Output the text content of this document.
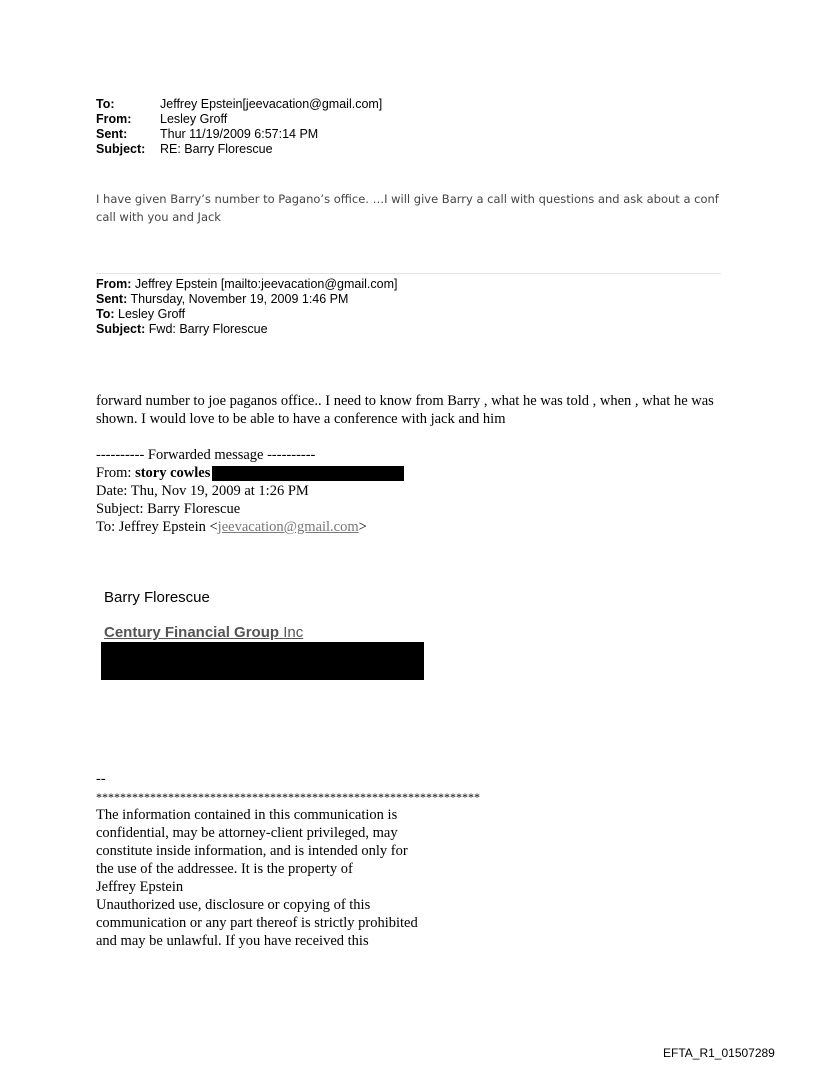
To:	Jeffrey Epstein[jeevacation@gmail.com]
From:	Lesley Groff
Sent:	Thur 11/19/2009 6:57:14 PM
Subject:	RE: Barry Florescue
I have given Barry’s number to Pagano’s office. …I will give Barry a call with questions and ask about a conf call with you and Jack
From: Jeffrey Epstein [mailto:jeevacation@gmail.com]
Sent: Thursday, November 19, 2009 1:46 PM
To: Lesley Groff
Subject: Fwd: Barry Florescue
forward number to joe paganos office.. I need to know from Barry , what he was told , when , what he was shown. I would love to be able to have a conference with jack and him
---------- Forwarded message ----------
From: story cowles
Date: Thu, Nov 19, 2009 at 1:26 PM
Subject: Barry Florescue
To: Jeffrey Epstein <jeevacation@gmail.com>
Barry Florescue
Century Financial Group Inc
--
****************************************************************
The information contained in this communication is
confidential, may be attorney-client privileged, may
constitute inside information, and is intended only for
the use of the addressee. It is the property of
Jeffrey Epstein
Unauthorized use, disclosure or copying of this
communication or any part thereof is strictly prohibited
and may be unlawful. If you have received this
EFTA_R1_01507289
